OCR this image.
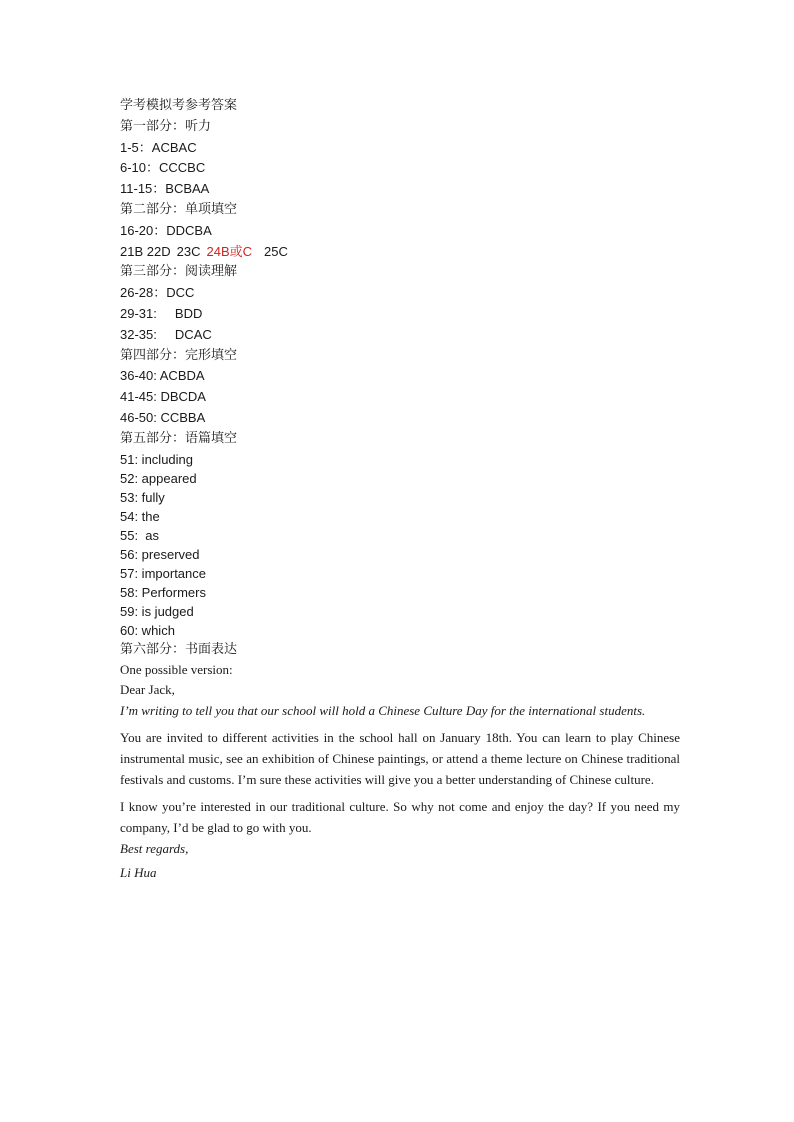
学考模拟考参考答案
第一部分：听力
1-5：ACBAC
6-10：CCCBC
11-15：BCBAA
第二部分：单项填空
16-20：DDCBA
21B 22D 23C 24B或C 25C
第三部分：阅读理解
26-28：DCC
29-31:     BDD
32-35:     DCAC
第四部分：完形填空
36-40: ACBDA
41-45: DBCDA
46-50: CCBBA
第五部分：语篇填空
51: including
52: appeared
53: fully
54: the
55:  as
56: preserved
57: importance
58: Performers
59: is judged
60: which
第六部分：书面表达
One possible version:
Dear Jack,

I’m writing to tell you that our school will hold a Chinese Culture Day for the international students.

You are invited to different activities in the school hall on January 18th. You can learn to play Chinese instrumental music, see an exhibition of Chinese paintings, or attend a theme lecture on Chinese traditional festivals and customs. I’m sure these activities will give you a better understanding of Chinese culture.

I know you’re interested in our traditional culture. So why not come and enjoy the day? If you need my company, I’d be glad to go with you.

Best regards,
Li Hua
